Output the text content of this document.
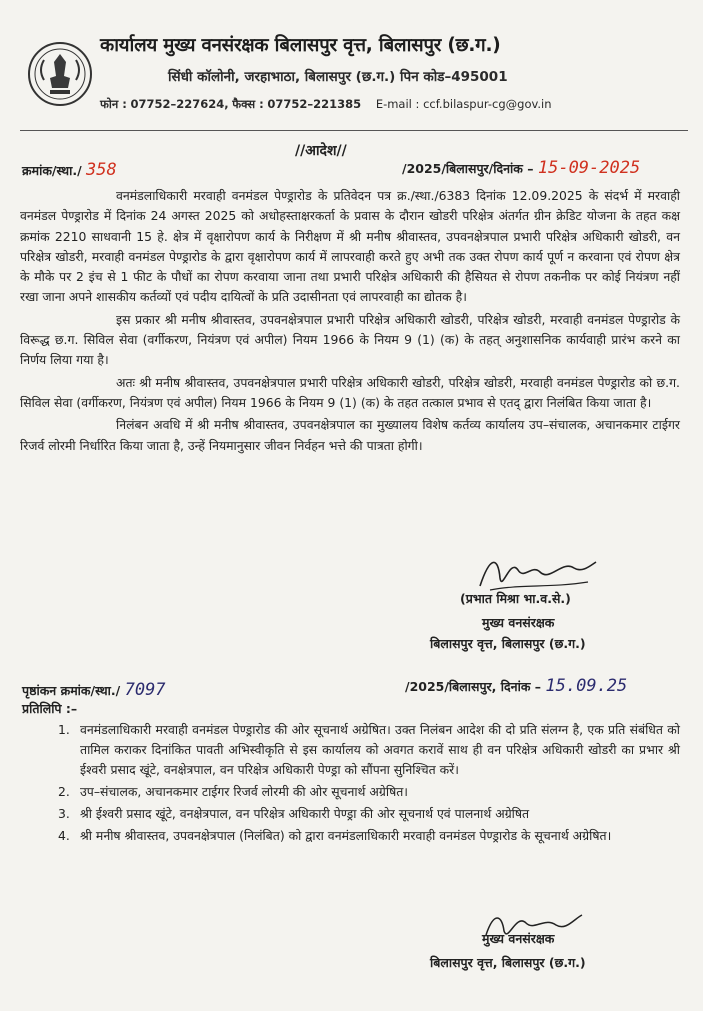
कार्यालय मुख्य वनसंरक्षक बिलासपुर वृत्त, बिलासपुर (छ.ग.)
सिंधी कॉलोनी, जरहाभाठा, बिलासपुर (छ.ग.) पिन कोड–495001
फोन : 07752–227624, फैक्स : 07752–221385 E-mail : ccf.bilaspur-cg@gov.in
//आदेश//
क्रमांक/स्था./ 358	/2025/बिलासपुर/दिनांक – 15-09-2025

वनमंडलाधिकारी मरवाही वनमंडल पेण्ड्रारोड के प्रतिवेदन पत्र क्र./स्था./6383 दिनांक 12.09.2025 के संदर्भ में मरवाही वनमंडल पेण्ड्रारोड में दिनांक 24 अगस्त 2025 को अधोहस्ताक्षरकर्ता के प्रवास के दौरान खोडरी परिक्षेत्र अंतर्गत ग्रीन क्रेडिट योजना के तहत कक्ष क्रमांक 2210 साधवानी 15 हे. क्षेत्र में वृक्षारोपण कार्य के निरीक्षण में श्री मनीष श्रीवास्तव, उपवनक्षेत्रपाल प्रभारी परिक्षेत्र अधिकारी खोडरी, वन परिक्षेत्र खोडरी, मरवाही वनमंडल पेण्ड्रारोड के द्वारा वृक्षारोपण कार्य में लापरवाही करते हुए अभी तक उक्त रोपण कार्य पूर्ण न करवाना एवं रोपण क्षेत्र के मौके पर 2 इंच से 1 फीट के पौधों का रोपण करवाया जाना तथा प्रभारी परिक्षेत्र अधिकारी की हैसियत से रोपण तकनीक पर कोई नियंत्रण नहीं रखा जाना अपने शासकीय कर्तव्यों एवं पदीय दायित्वों के प्रति उदासीनता एवं लापरवाही का द्योतक है।

इस प्रकार श्री मनीष श्रीवास्तव, उपवनक्षेत्रपाल प्रभारी परिक्षेत्र अधिकारी खोडरी, परिक्षेत्र खोडरी, मरवाही वनमंडल पेण्ड्रारोड के विरूद्ध छ.ग. सिविल सेवा (वर्गीकरण, नियंत्रण एवं अपील) नियम 1966 के नियम 9 (1) (क) के तहत् अनुशासनिक कार्यवाही प्रारंभ करने का निर्णय लिया गया है।

अतः श्री मनीष श्रीवास्तव, उपवनक्षेत्रपाल प्रभारी परिक्षेत्र अधिकारी खोडरी, परिक्षेत्र खोडरी, मरवाही वनमंडल पेण्ड्रारोड को छ.ग. सिविल सेवा (वर्गीकरण, नियंत्रण एवं अपील) नियम 1966 के नियम 9 (1) (क) के तहत तत्काल प्रभाव से एतद् द्वारा निलंबित किया जाता है।

निलंबन अवधि में श्री मनीष श्रीवास्तव, उपवनक्षेत्रपाल का मुख्यालय विशेष कर्तव्य कार्यालय उप–संचालक, अचानकमार टाईगर रिजर्व लोरमी निर्धारित किया जाता है, उन्हें नियमानुसार जीवन निर्वहन भत्ते की पात्रता होगी।

(प्रभात मिश्रा भा.व.से.)
मुख्य वनसंरक्षक
बिलासपुर वृत्त, बिलासपुर (छ.ग.)
पृष्ठांकन क्रमांक/स्था./ 7097	/2025/बिलासपुर, दिनांक – 15.09.25
प्रतिलिपि :–
1. वनमंडलाधिकारी मरवाही वनमंडल पेण्ड्रारोड की ओर सूचनार्थ अग्रेषित। उक्त निलंबन आदेश की दो प्रति संलग्न है, एक प्रति संबंधित को तामिल कराकर दिनांकित पावती अभिस्वीकृति से इस कार्यालय को अवगत करावें साथ ही वन परिक्षेत्र अधिकारी खोडरी का प्रभार श्री ईश्वरी प्रसाद खूंटे, वनक्षेत्रपाल, वन परिक्षेत्र अधिकारी पेण्ड्रा को सौंपना सुनिश्चित करें।
2. उप–संचालक, अचानकमार टाईगर रिजर्व लोरमी की ओर सूचनार्थ अग्रेषित।
3. श्री ईश्वरी प्रसाद खूंटे, वनक्षेत्रपाल, वन परिक्षेत्र अधिकारी पेण्ड्रा की ओर सूचनार्थ एवं पालनार्थ अग्रेषित
4. श्री मनीष श्रीवास्तव, उपवनक्षेत्रपाल (निलंबित) को द्वारा वनमंडलाधिकारी मरवाही वनमंडल पेण्ड्रारोड के सूचनार्थ अग्रेषित।
मुख्य वनसंरक्षक
बिलासपुर वृत्त, बिलासपुर (छ.ग.)
